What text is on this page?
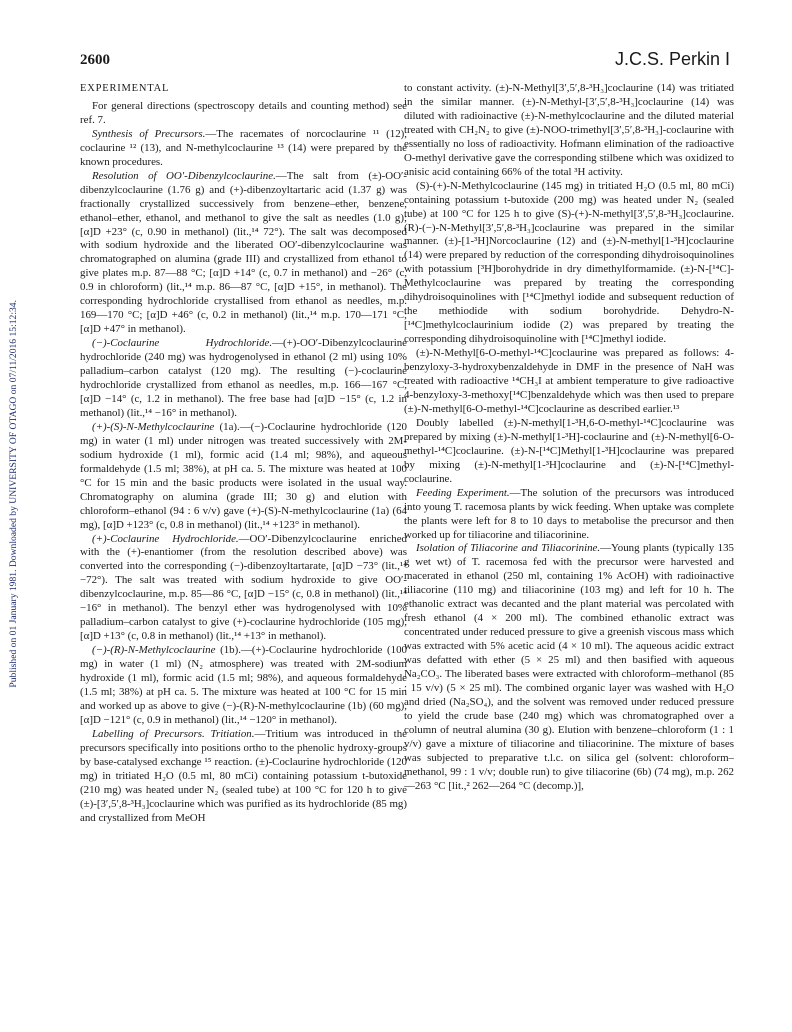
Published on 01 January 1981. Downloaded by UNIVERSITY OF OTAGO on 07/11/2016 15:12:34.
2600	J.C.S. Perkin I
EXPERIMENTAL

For general directions (spectroscopy details and counting method) see ref. 7.

Synthesis of Precursors.—The racemates of norcoclaurine ¹¹ (12), coclaurine ¹² (13), and N-methylcoclaurine ¹³ (14) were prepared by the known procedures.

Resolution of OO′-Dibenzylcoclaurine.—The salt from (±)-OO′-dibenzylcoclaurine (1.76 g) and (+)-dibenzoyltartaric acid (1.37 g) was fractionally crystallized successively from benzene–ether, benzene, ethanol–ether, ethanol, and methanol to give the salt as needles (1.0 g); [α]D +23° (c, 0.90 in methanol) (lit.,¹⁴ 72°). The salt was decomposed with sodium hydroxide and the liberated OO′-dibenzylcoclaurine was chromatographed on alumina (grade III) and crystallized from ethanol to give plates m.p. 87—88 °C; [α]D +14° (c, 0.7 in methanol) and −26° (c, 0.9 in chloroform) (lit.,¹⁴ m.p. 86—87 °C, [α]D +15°, in methanol). The corresponding hydrochloride crystallised from ethanol as needles, m.p. 169—170 °C; [α]D +46° (c, 0.2 in methanol) (lit.,¹⁴ m.p. 170—171 °C; [α]D +47° in methanol).

(−)-Coclaurine Hydrochloride.—(+)-OO′-Dibenzylcoclaurine hydrochloride (240 mg) was hydrogenolysed in ethanol (2 ml) using 10% palladium–carbon catalyst (120 mg). The resulting (−)-coclaurine hydrochloride crystallized from ethanol as needles, m.p. 166—167 °C, [α]D −14° (c, 1.2 in methanol). The free base had [α]D −15° (c, 1.2 in methanol) (lit.,¹⁴ −16° in methanol).

(+)-(S)-N-Methylcoclaurine (1a).—(−)-Coclaurine hydrochloride (120 mg) in water (1 ml) under nitrogen was treated successively with 2M-sodium hydroxide (1 ml), formic acid (1.4 ml; 98%), and aqueous formaldehyde (1.5 ml; 38%), at pH ca. 5. The mixture was heated at 100 °C for 15 min and the basic products were isolated in the usual way. Chromatography on alumina (grade III; 30 g) and elution with chloroform–ethanol (94 : 6 v/v) gave (+)-(S)-N-methylcoclaurine (1a) (64 mg), [α]D +123° (c, 0.8 in methanol) (lit.,¹⁴ +123° in methanol).

(+)-Coclaurine Hydrochloride.—OO′-Dibenzylcoclaurine enriched with the (+)-enantiomer (from the resolution described above) was converted into the corresponding (−)-dibenzoyltartarate, [α]D −73° (lit.,¹⁴ −72°). The salt was treated with sodium hydroxide to give OO′-dibenzylcoclaurine, m.p. 85—86 °C, [α]D −15° (c, 0.8 in methanol) (lit.,¹⁴ −16° in methanol). The benzyl ether was hydrogenolysed with 10% palladium–carbon catalyst to give (+)-coclaurine hydrochloride (105 mg), [α]D +13° (c, 0.8 in methanol) (lit.,¹⁴ +13° in methanol).

(−)-(R)-N-Methylcoclaurine (1b).—(+)-Coclaurine hydrochloride (100 mg) in water (1 ml) (N₂ atmosphere) was treated with 2M-sodium hydroxide (1 ml), formic acid (1.5 ml; 98%), and aqueous formaldehyde (1.5 ml; 38%) at pH ca. 5. The mixture was heated at 100 °C for 15 min and worked up as above to give (−)-(R)-N-methylcoclaurine (1b) (60 mg), [α]D −121° (c, 0.9 in methanol) (lit.,¹⁴ −120° in methanol).

Labelling of Precursors. Tritiation.—Tritium was introduced in the precursors specifically into positions ortho to the phenolic hydroxy-groups by base-catalysed exchange ¹⁵ reaction. (±)-Coclaurine hydrochloride (120 mg) in tritiated H₂O (0.5 ml, 80 mCi) containing potassium t-butoxide (210 mg) was heated under N₂ (sealed tube) at 100 °C for 120 h to give (±)-[3′,5′,8-³H₃]coclaurine which was purified as its hydrochloride (85 mg) and crystallized from MeOH

to constant activity. (±)-N-Methyl[3′,5′,8-³H₃]coclaurine (14) was tritiated in the similar manner. (±)-N-Methyl-[3′,5′,8-³H₃]coclaurine (14) was diluted with radioinactive (±)-N-methylcoclaurine and the diluted material treated with CH₂N₂ to give (±)-NOO-trimethyl[3′,5′,8-³H₃]-coclaurine with essentially no loss of radioactivity. Hofmann elimination of the radioactive O-methyl derivative gave the corresponding stilbene which was oxidized to anisic acid containing 66% of the total ³H activity.

(S)-(+)-N-Methylcoclaurine (145 mg) in tritiated H₂O (0.5 ml, 80 mCi) containing potassium t-butoxide (200 mg) was heated under N₂ (sealed tube) at 100 °C for 125 h to give (S)-(+)-N-methyl[3′,5′,8-³H₃]coclaurine. (R)-(−)-N-Methyl[3′,5′,8-³H₃]coclaurine was prepared in the similar manner. (±)-[1-³H]Norcoclaurine (12) and (±)-N-methyl[1-³H]coclaurine (14) were prepared by reduction of the corresponding dihydroisoquinolines with potassium [³H]borohydride in dry dimethylformamide. (±)-N-[¹⁴C]-Methylcoclaurine was prepared by treating the corresponding dihydroisoquinolines with [¹⁴C]methyl iodide and subsequent reduction of the methiodide with sodium borohydride. Dehydro-N-[¹⁴C]methylcoclaurinium iodide (2) was prepared by treating the corresponding dihydroisoquinoline with [¹⁴C]methyl iodide.

(±)-N-Methyl[6-O-methyl-¹⁴C]coclaurine was prepared as follows: 4-benzyloxy-3-hydroxybenzaldehyde in DMF in the presence of NaH was treated with radioactive ¹⁴CH₃I at ambient temperature to give radioactive 4-benzyloxy-3-methoxy[¹⁴C]benzaldehyde which was then used to prepare (±)-N-methyl[6-O-methyl-¹⁴C]coclaurine as described earlier.¹³

Doubly labelled (±)-N-methyl[1-³H,6-O-methyl-¹⁴C]coclaurine was prepared by mixing (±)-N-methyl[1-³H]-coclaurine and (±)-N-methyl[6-O-methyl-¹⁴C]coclaurine. (±)-N-[¹⁴C]Methyl[1-³H]coclaurine was prepared by mixing (±)-N-methyl[1-³H]coclaurine and (±)-N-[¹⁴C]methyl-coclaurine.

Feeding Experiment.—The solution of the precursors was introduced into young T. racemosa plants by wick feeding. When uptake was complete the plants were left for 8 to 10 days to metabolise the precursor and then worked up for tiliacorine and tiliacorinine.

Isolation of Tiliacorine and Tiliacorinine.—Young plants (typically 135 g wet wt) of T. racemosa fed with the precursor were harvested and macerated in ethanol (250 ml, containing 1% AcOH) with radioinactive tiliacorine (110 mg) and tiliacorinine (103 mg) and left for 10 h. The ethanolic extract was decanted and the plant material was percolated with fresh ethanol (4 × 200 ml). The combined ethanolic extract was concentrated under reduced pressure to give a greenish viscous mass which was extracted with 5% acetic acid (4 × 10 ml). The aqueous acidic extract was defatted with ether (5 × 25 ml) and then basified with aqueous Na₂CO₃. The liberated bases were extracted with chloroform–methanol (85 : 15 v/v) (5 × 25 ml). The combined organic layer was washed with H₂O and dried (Na₂SO₄), and the solvent was removed under reduced pressure to yield the crude base (240 mg) which was chromatographed over a column of neutral alumina (30 g). Elution with benzene–chloroform (1 : 1 v/v) gave a mixture of tiliacorine and tiliacorinine. The mixture of bases was subjected to preparative t.l.c. on silica gel (solvent: chloroform–methanol, 99 : 1 v/v; double run) to give tiliacorine (6b) (74 mg), m.p. 262—263 °C [lit.,² 262—264 °C (decomp.)],
